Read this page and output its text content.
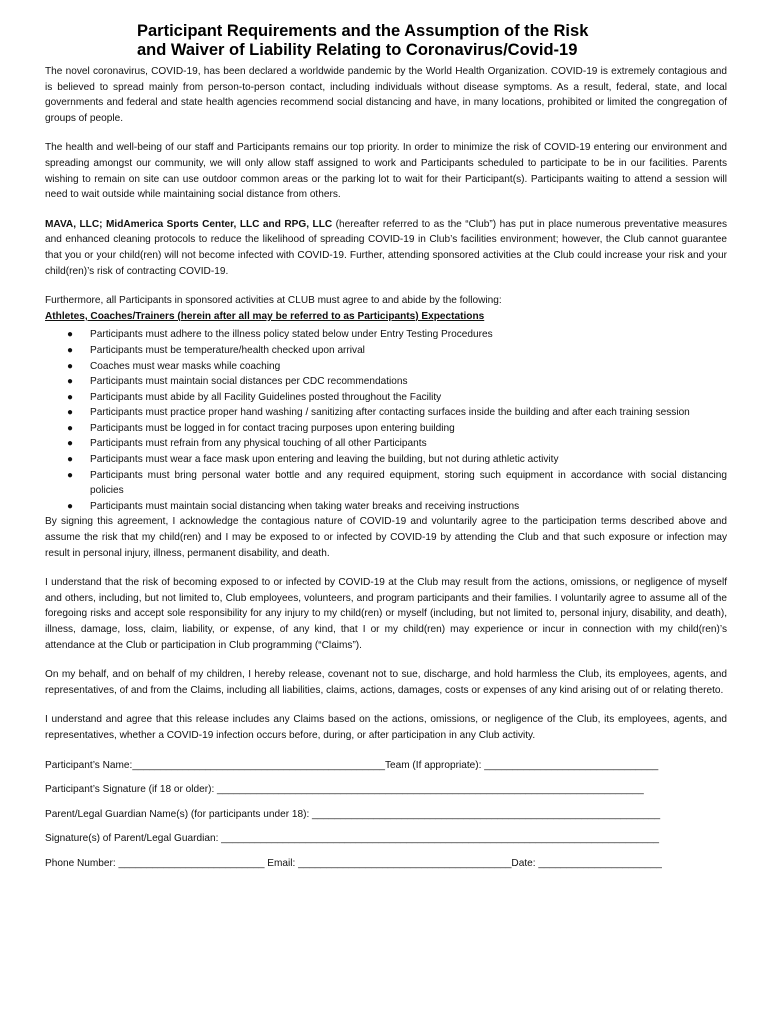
Participant Requirements and the Assumption of the Risk
and Waiver of Liability Relating to Coronavirus/Covid-19

The novel coronavirus, COVID-19, has been declared a worldwide pandemic by the World Health Organization. COVID-19 is extremely contagious and is believed to spread mainly from person-to-person contact, including individuals without disease symptoms. As a result, federal, state, and local governments and federal and state health agencies recommend social distancing and have, in many locations, prohibited or limited the congregation of groups of people.

The health and well-being of our staff and Participants remains our top priority. In order to minimize the risk of COVID-19 entering our environment and spreading amongst our community, we will only allow staff assigned to work and Participants scheduled to participate to be in our facilities. Parents wishing to remain on site can use outdoor common areas or the parking lot to wait for their Participant(s). Participants waiting to attend a session will need to wait outside while maintaining social distance from others.

MAVA, LLC; MidAmerica Sports Center, LLC and RPG, LLC (hereafter referred to as the “Club”) has put in place numerous preventative measures and enhanced cleaning protocols to reduce the likelihood of spreading COVID-19 in Club’s facilities environment; however, the Club cannot guarantee that you or your child(ren) will not become infected with COVID-19. Further, attending sponsored activities at the Club could increase your risk and your child(ren)’s risk of contracting COVID-19.

Furthermore, all Participants in sponsored activities at CLUB must agree to and abide by the following:

Athletes, Coaches/Trainers (herein after all may be referred to as Participants) Expectations
● Participants must adhere to the illness policy stated below under Entry Testing Procedures
● Participants must be temperature/health checked upon arrival
● Coaches must wear masks while coaching
● Participants must maintain social distances per CDC recommendations
● Participants must abide by all Facility Guidelines posted throughout the Facility
● Participants must practice proper hand washing / sanitizing after contacting surfaces inside the building and after each training session
● Participants must be logged in for contact tracing purposes upon entering building
● Participants must refrain from any physical touching of all other Participants
● Participants must wear a face mask upon entering and leaving the building, but not during athletic activity
● Participants must bring personal water bottle and any required equipment, storing such equipment in accordance with social distancing policies
● Participants must maintain social distancing when taking water breaks and receiving instructions

By signing this agreement, I acknowledge the contagious nature of COVID-19 and voluntarily agree to the participation terms described above and assume the risk that my child(ren) and I may be exposed to or infected by COVID-19 by attending the Club and that such exposure or infection may result in personal injury, illness, permanent disability, and death.

I understand that the risk of becoming exposed to or infected by COVID-19 at the Club may result from the actions, omissions, or negligence of myself and others, including, but not limited to, Club employees, volunteers, and program participants and their families. I voluntarily agree to assume all of the foregoing risks and accept sole responsibility for any injury to my child(ren) or myself (including, but not limited to, personal injury, disability, and death), illness, damage, loss, claim, liability, or expense, of any kind, that I or my child(ren) may experience or incur in connection with my child(ren)’s attendance at the Club or participation in Club programming (“Claims”).

On my behalf, and on behalf of my children, I hereby release, covenant not to sue, discharge, and hold harmless the Club, its employees, agents, and representatives, of and from the Claims, including all liabilities, claims, actions, damages, costs or expenses of any kind arising out of or relating thereto.

I understand and agree that this release includes any Claims based on the actions, omissions, or negligence of the Club, its employees, agents, and representatives, whether a COVID-19 infection occurs before, during, or after participation in any Club activity.

Participant’s Name:_____________________________________________Team (If appropriate): _______________________________
Participant’s Signature (if 18 or older): ____________________________________________________________________________
Parent/Legal Guardian Name(s) (for participants under 18): ______________________________________________________________
Signature(s) of Parent/Legal Guardian: ______________________________________________________________________________
Phone Number: __________________________ Email: ______________________________________Date: ______________________
